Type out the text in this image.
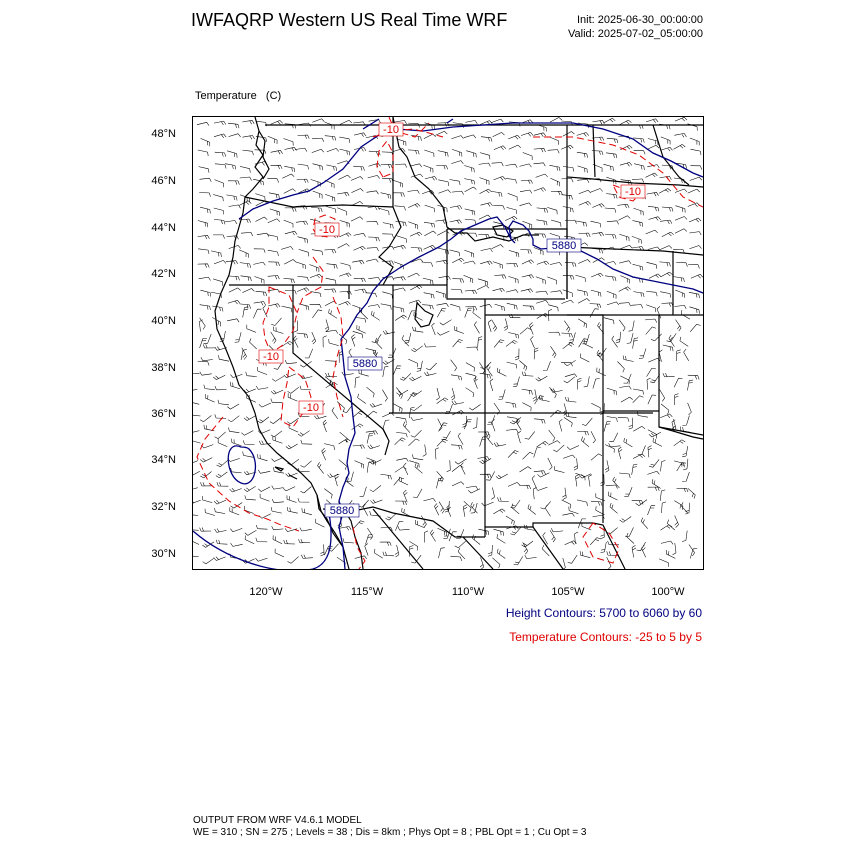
IWFAQRP Western US Real Time WRF	Init: 2025-06-30_00:00:00
Valid: 2025-07-02_05:00:00

Temperature   (C)

48°N
46°N
44°N
42°N
40°N
38°N
36°N
34°N
32°N
30°N
5880
5880
5880
-10
-10
-10
-10
-10
120°W	115°W	110°W	105°W	100°W
Height Contours: 5700 to 6060 by 60
Temperature Contours: -25 to 5 by 5
OUTPUT FROM WRF V4.6.1 MODEL
WE = 310 ; SN = 275 ; Levels = 38 ; Dis = 8km ; Phys Opt = 8 ; PBL Opt = 1 ; Cu Opt = 3
